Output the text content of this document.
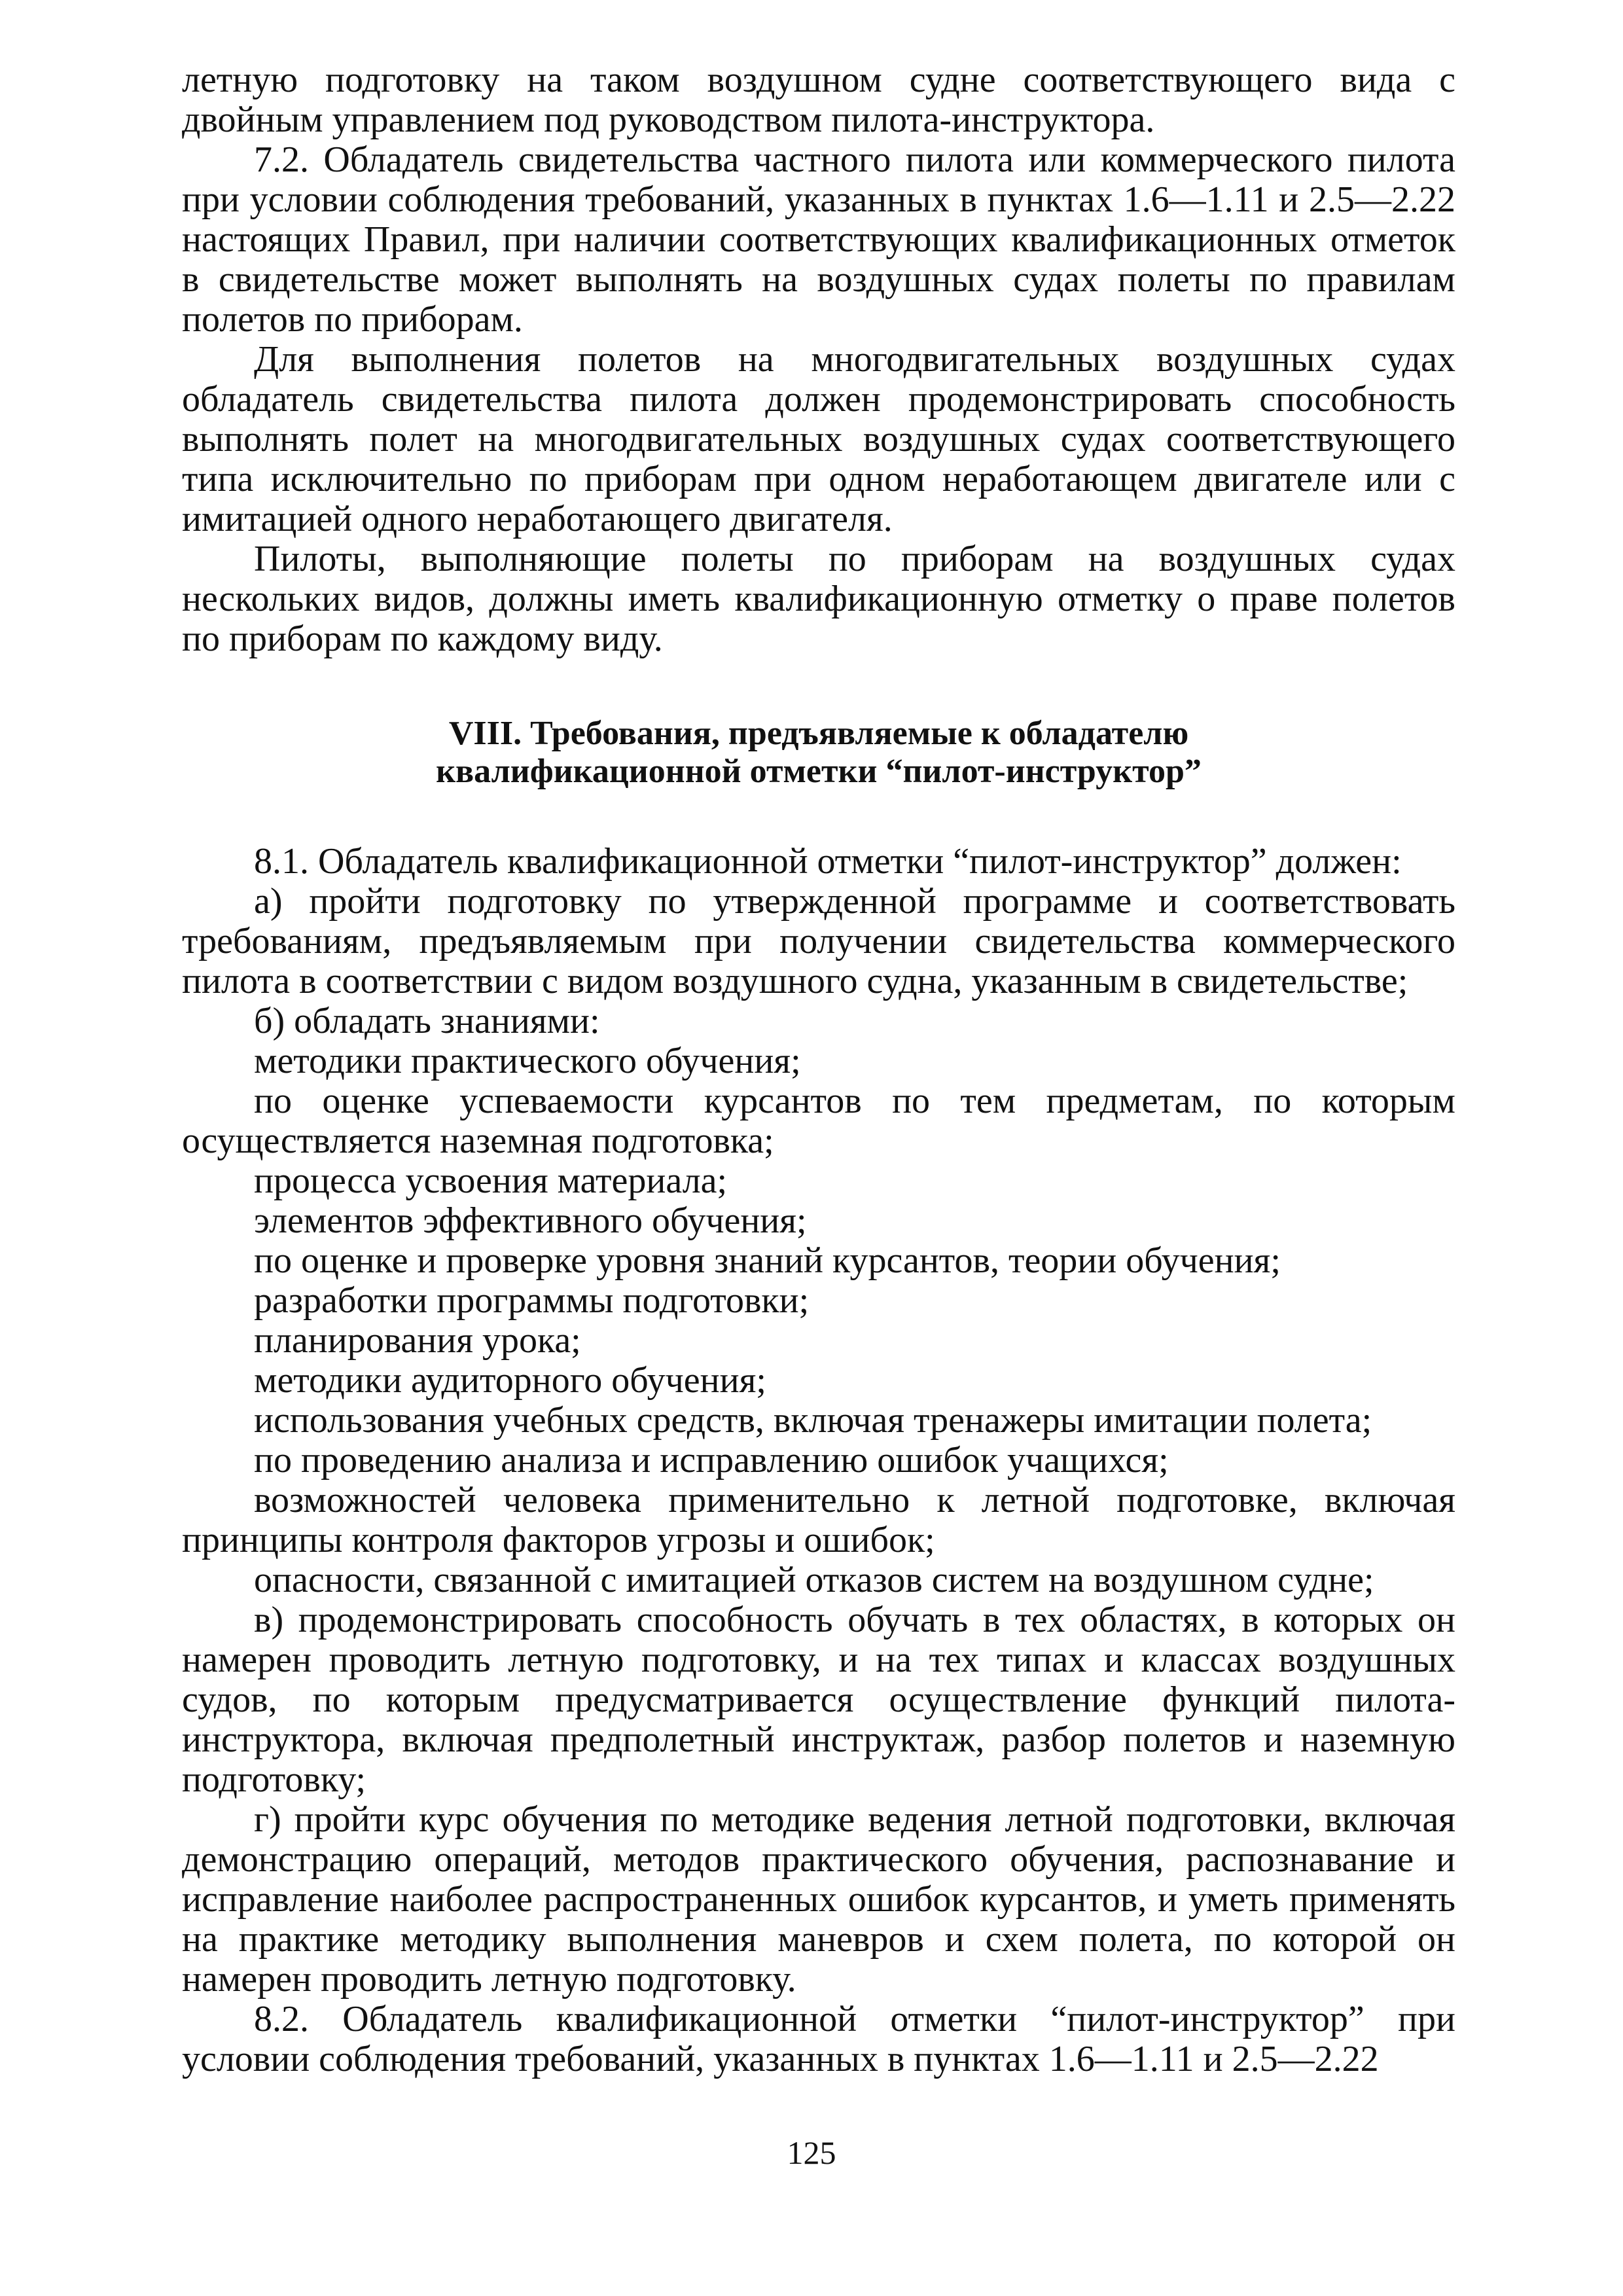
летную подготовку на таком воздушном судне соответствующего вида с двойным управлением под руководством пилота-инструктора.

7.2. Обладатель свидетельства частного пилота или коммерческого пилота при условии соблюдения требований, указанных в пунктах 1.6—1.11 и 2.5—2.22 настоящих Правил, при наличии соответствующих квалификационных отметок в свидетельстве может выполнять на воздушных судах полеты по правилам полетов по приборам.

Для выполнения полетов на многодвигательных воздушных судах обладатель свидетельства пилота должен продемонстрировать способность выполнять полет на многодвигательных воздушных судах соответствующего типа исключительно по приборам при одном неработающем двигателе или с имитацией одного неработающего двигателя.

Пилоты, выполняющие полеты по приборам на воздушных судах нескольких видов, должны иметь квалификационную отметку о праве полетов по приборам по каждому виду.

VIII. Требования, предъявляемые к обладателю
квалификационной отметки “пилот-инструктор”

8.1. Обладатель квалификационной отметки “пилот-инструктор” должен:

а) пройти подготовку по утвержденной программе и соответствовать требованиям, предъявляемым при получении свидетельства коммерческого пилота в соответствии с видом воздушного судна, указанным в свидетельстве;

б) обладать знаниями:

методики практического обучения;

по оценке успеваемости курсантов по тем предметам, по которым осуществляется наземная подготовка;

процесса усвоения материала;

элементов эффективного обучения;

по оценке и проверке уровня знаний курсантов, теории обучения;

разработки программы подготовки;

планирования урока;

методики аудиторного обучения;

использования учебных средств, включая тренажеры имитации полета;

по проведению анализа и исправлению ошибок учащихся;

возможностей человека применительно к летной подготовке, включая принципы контроля факторов угрозы и ошибок;

опасности, связанной с имитацией отказов систем на воздушном судне;

в) продемонстрировать способность обучать в тех областях, в которых он намерен проводить летную подготовку, и на тех типах и классах воздушных судов, по которым предусматривается осуществление функций пилота-инструктора, включая предполетный инструктаж, разбор полетов и наземную подготовку;

г) пройти курс обучения по методике ведения летной подготовки, включая демонстрацию операций, методов практического обучения, распознавание и исправление наиболее распространенных ошибок курсантов, и уметь применять на практике методику выполнения маневров и схем полета, по которой он намерен проводить летную подготовку.

8.2. Обладатель квалификационной отметки “пилот-инструктор” при условии соблюдения требований, указанных в пунктах 1.6—1.11 и 2.5—2.22

125
